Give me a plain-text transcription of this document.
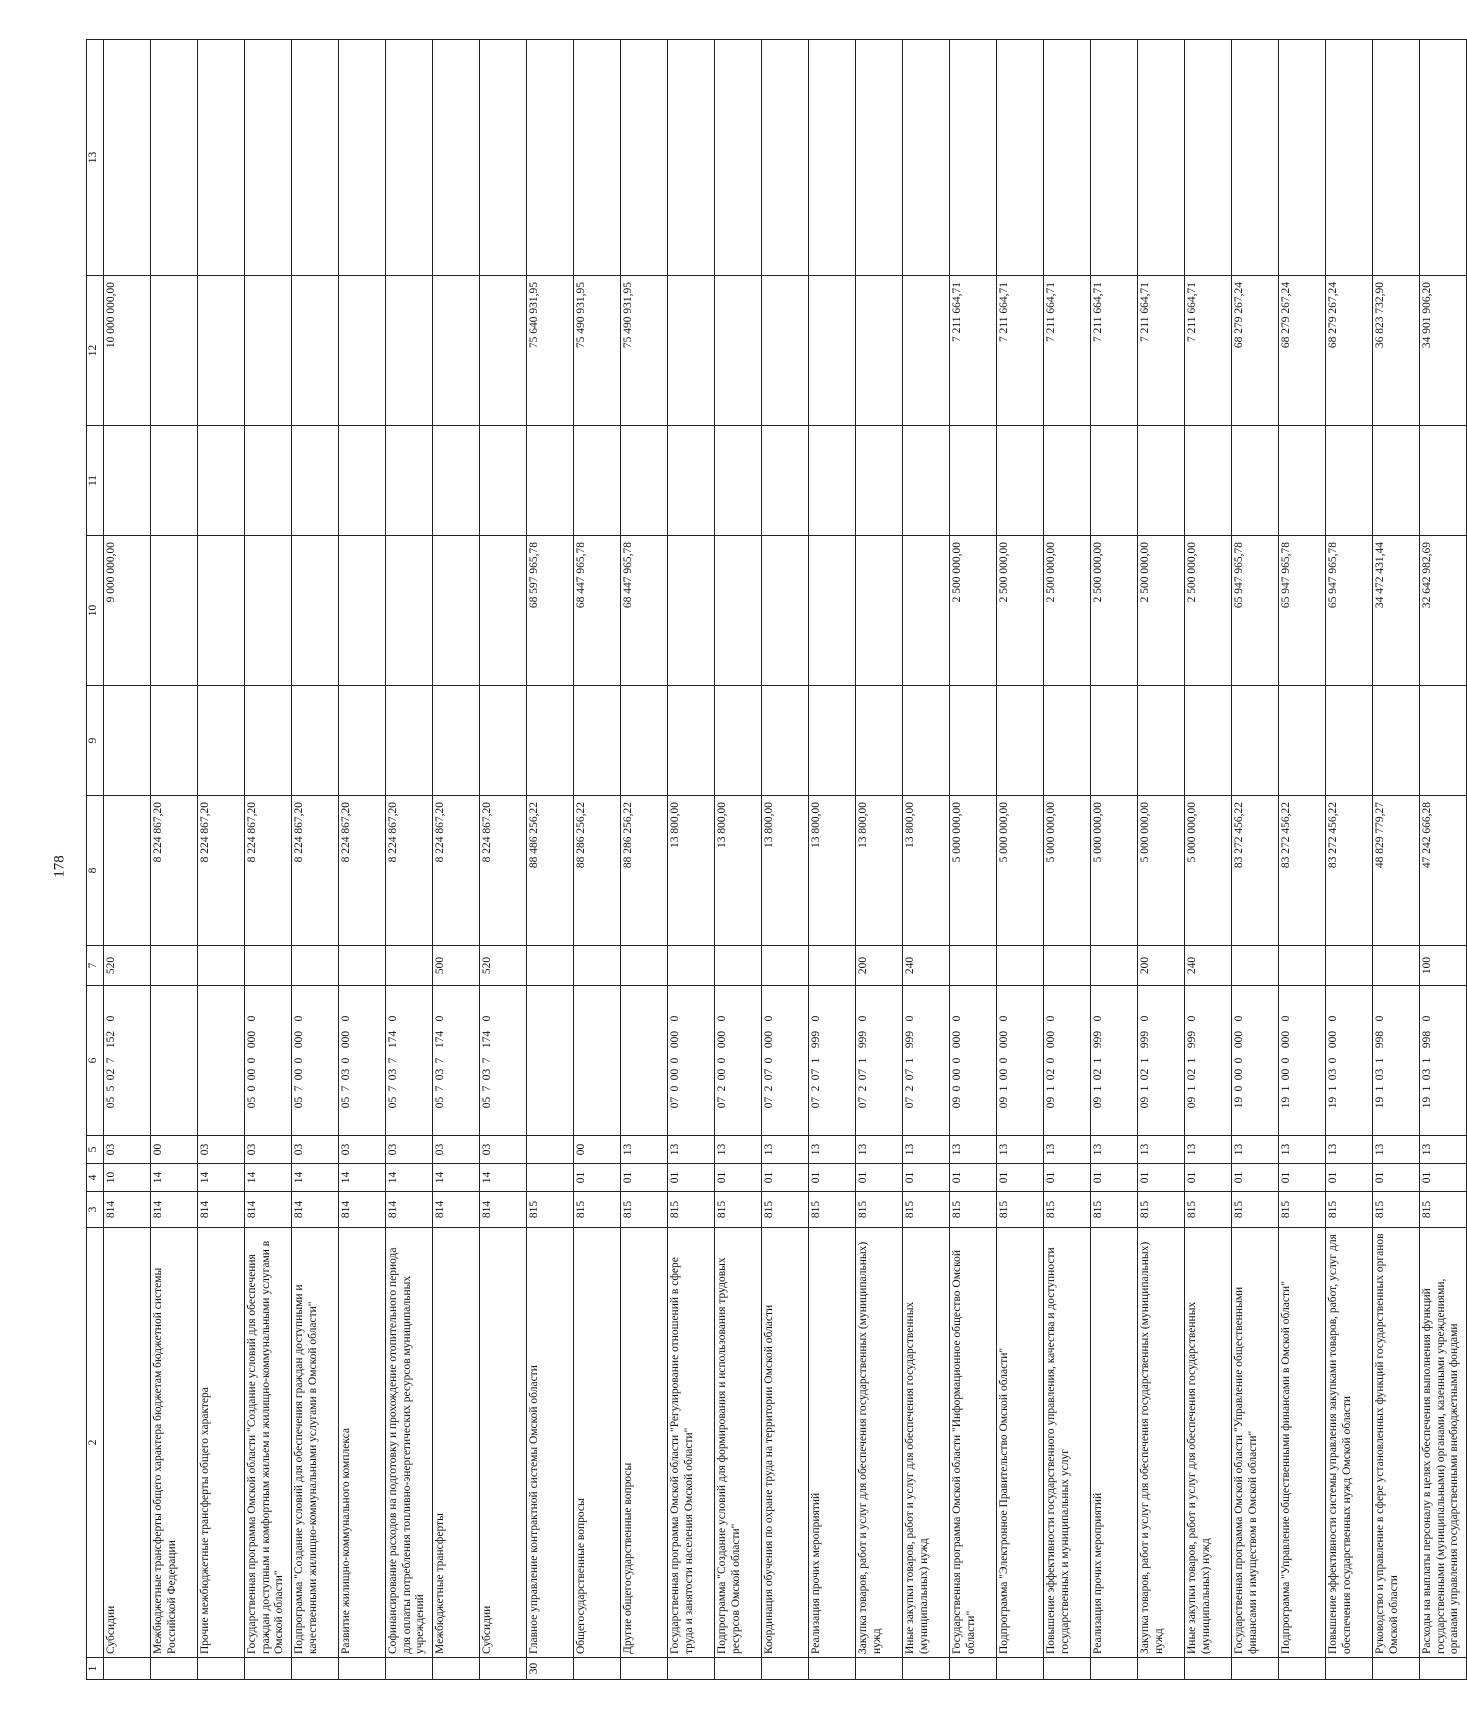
178
1	2	3	4	5	6	7	8	9	10	11	12	13
	Субсидии	814	10	03	0550271520	520			9 000 000,00		10 000 000,00	
	Межбюджетные трансферты общего характера бюджетам бюджетной системы Российской Федерации	814	14	00			8 224 867,20					
	Прочие межбюджетные трансферты общего характера	814	14	03			8 224 867,20					
	Государственная программа Омской области "Создание условий для обеспечения граждан доступным и комфортным жильем и жилищно-коммунальными услугами в Омской области"	814	14	03	0500000000		8 224 867,20					
	Подпрограмма "Создание условий для обеспечения граждан доступными и качественными жилищно-коммунальными услугами в Омской области"	814	14	03	0570000000		8 224 867,20					
	Развитие жилищно-коммунального комплекса	814	14	03	0570300000		8 224 867,20					
	Софинансирование расходов на подготовку и прохождение отопительного периода для оплаты потребления топливно-энергетических ресурсов муниципальных учреждений	814	14	03	0570371740		8 224 867,20					
	Межбюджетные трансферты	814	14	03	0570371740	500	8 224 867,20					
	Субсидии	814	14	03	0570371740	520	8 224 867,20					
30	Главное управление контрактной системы Омской области	815					88 486 256,22		68 597 965,78		75 640 931,95	
	Общегосударственные вопросы	815	01	00			88 286 256,22		68 447 965,78		75 490 931,95	
	Другие общегосударственные вопросы	815	01	13			88 286 256,22		68 447 965,78		75 490 931,95	
	Государственная программа Омской области "Регулирование отношений в сфере труда и занятости населения Омской области"	815	01	13	0700000000		13 800,00					
	Подпрограмма "Создание условий для формирования и использования трудовых ресурсов Омской области"	815	01	13	0720000000		13 800,00					
	Координация обучения по охране труда на территории Омской области	815	01	13	0720700000		13 800,00					
	Реализация прочих мероприятий	815	01	13	0720719990		13 800,00					
	Закупка товаров, работ и услуг для обеспечения государственных (муниципальных) нужд	815	01	13	0720719990	200	13 800,00					
	Иные закупки товаров, работ и услуг для обеспечения государственных (муниципальных) нужд	815	01	13	0720719990	240	13 800,00					
	Государственная программа Омской области "Информационное общество Омской области"	815	01	13	0900000000		5 000 000,00		2 500 000,00		7 211 664,71	
	Подпрограмма "Электронное Правительство Омской области"	815	01	13	0910000000		5 000 000,00		2 500 000,00		7 211 664,71	
	Повышение эффективности государственного управления, качества и доступности государственных и муниципальных услуг	815	01	13	0910200000		5 000 000,00		2 500 000,00		7 211 664,71	
	Реализация прочих мероприятий	815	01	13	0910219990		5 000 000,00		2 500 000,00		7 211 664,71	
	Закупка товаров, работ и услуг для обеспечения государственных (муниципальных) нужд	815	01	13	0910219990	200	5 000 000,00		2 500 000,00		7 211 664,71	
	Иные закупки товаров, работ и услуг для обеспечения государственных (муниципальных) нужд	815	01	13	0910219990	240	5 000 000,00		2 500 000,00		7 211 664,71	
	Государственная программа Омской области "Управление общественными финансами и имуществом в Омской области"	815	01	13	1900000000		83 272 456,22		65 947 965,78		68 279 267,24	
	Подпрограмма "Управление общественными финансами в Омской области"	815	01	13	1910000000		83 272 456,22		65 947 965,78		68 279 267,24	
	Повышение эффективности системы управления закупками товаров, работ, услуг для обеспечения государственных нужд Омской области	815	01	13	1910300000		83 272 456,22		65 947 965,78		68 279 267,24	
	Руководство и управление в сфере установленных функций государственных органов Омской области	815	01	13	1910319980		48 829 779,27		34 472 431,44		36 823 732,90	
	Расходы на выплаты персоналу в целях обеспечения выполнения функций государственными (муниципальными) органами, казенными учреждениями, органами управления государственными внебюджетными фондами	815	01	13	1910319980	100	47 242 666,28		32 642 982,69		34 901 906,20	
